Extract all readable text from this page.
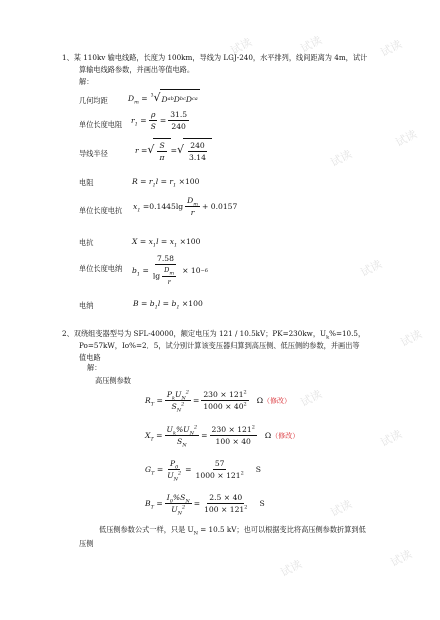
试读	试读	试读
试读
试读
试读
试读
试读
试读
试读
试读
试读
1、某 110kv 输电线路，长度为 100km，导线为 LGJ-240，水平排列，线间距离为 4m，试计
算输电线路参数，并画出等值电路。
解：
几何均距	$D_m = ^3√$ D ab D bc D ca
单位长度电阻 $r_1 = \frac{\rho}{S} = \frac{31.5}{240}$
导线半径	r = √ $\frac{S}{\pi}$ = √ $\frac{240}{3.14}$
电阻	$R = r_1l = r_1 \times 100$
单位长度电抗 $x_1 = 0.1445\lg \frac{D_m}{r} + 0.0157$
电抗	$X = x_1l = x_1 \times 100$
单位长度电纳 $b_1 = \frac{7.58}{\lg \frac{D_m}{r}} \times 10 -6$
电纳	$B = b_1l = b_1 \times 100$
2、双绕组变器型号为 SFL-40000，额定电压为 121 / 10.5kV；PK=230kw，$U_k\%=10.5$，
Po=57kW，Io%=2．5，试分别计算该变压器归算到高压侧、低压侧的参数，并画出等
值电路
解：
高压侧参数
$R_T = \frac{P_kU_N^2}{S_N^2} = \frac{230 \times 121^2}{1000 \times 40^2}$ Ω （修改）
$X_T = \frac{U_k\%U_N^2}{S_N} = \frac{230 \times 121^2}{100 \times 40}$ Ω （修改）
$G_T = \frac{P_0}{U_N^2} = \frac{57}{1000 \times 121^2}$ S
$B_T = \frac{I_0\%S_N}{U_N^2} = \frac{2.5 \times 40}{100 \times 121^2}$ S
低压侧参数公式一样，只是 $U_N = 10.5$ kV；也可以根据变比将高压侧参数折算到低
压侧
